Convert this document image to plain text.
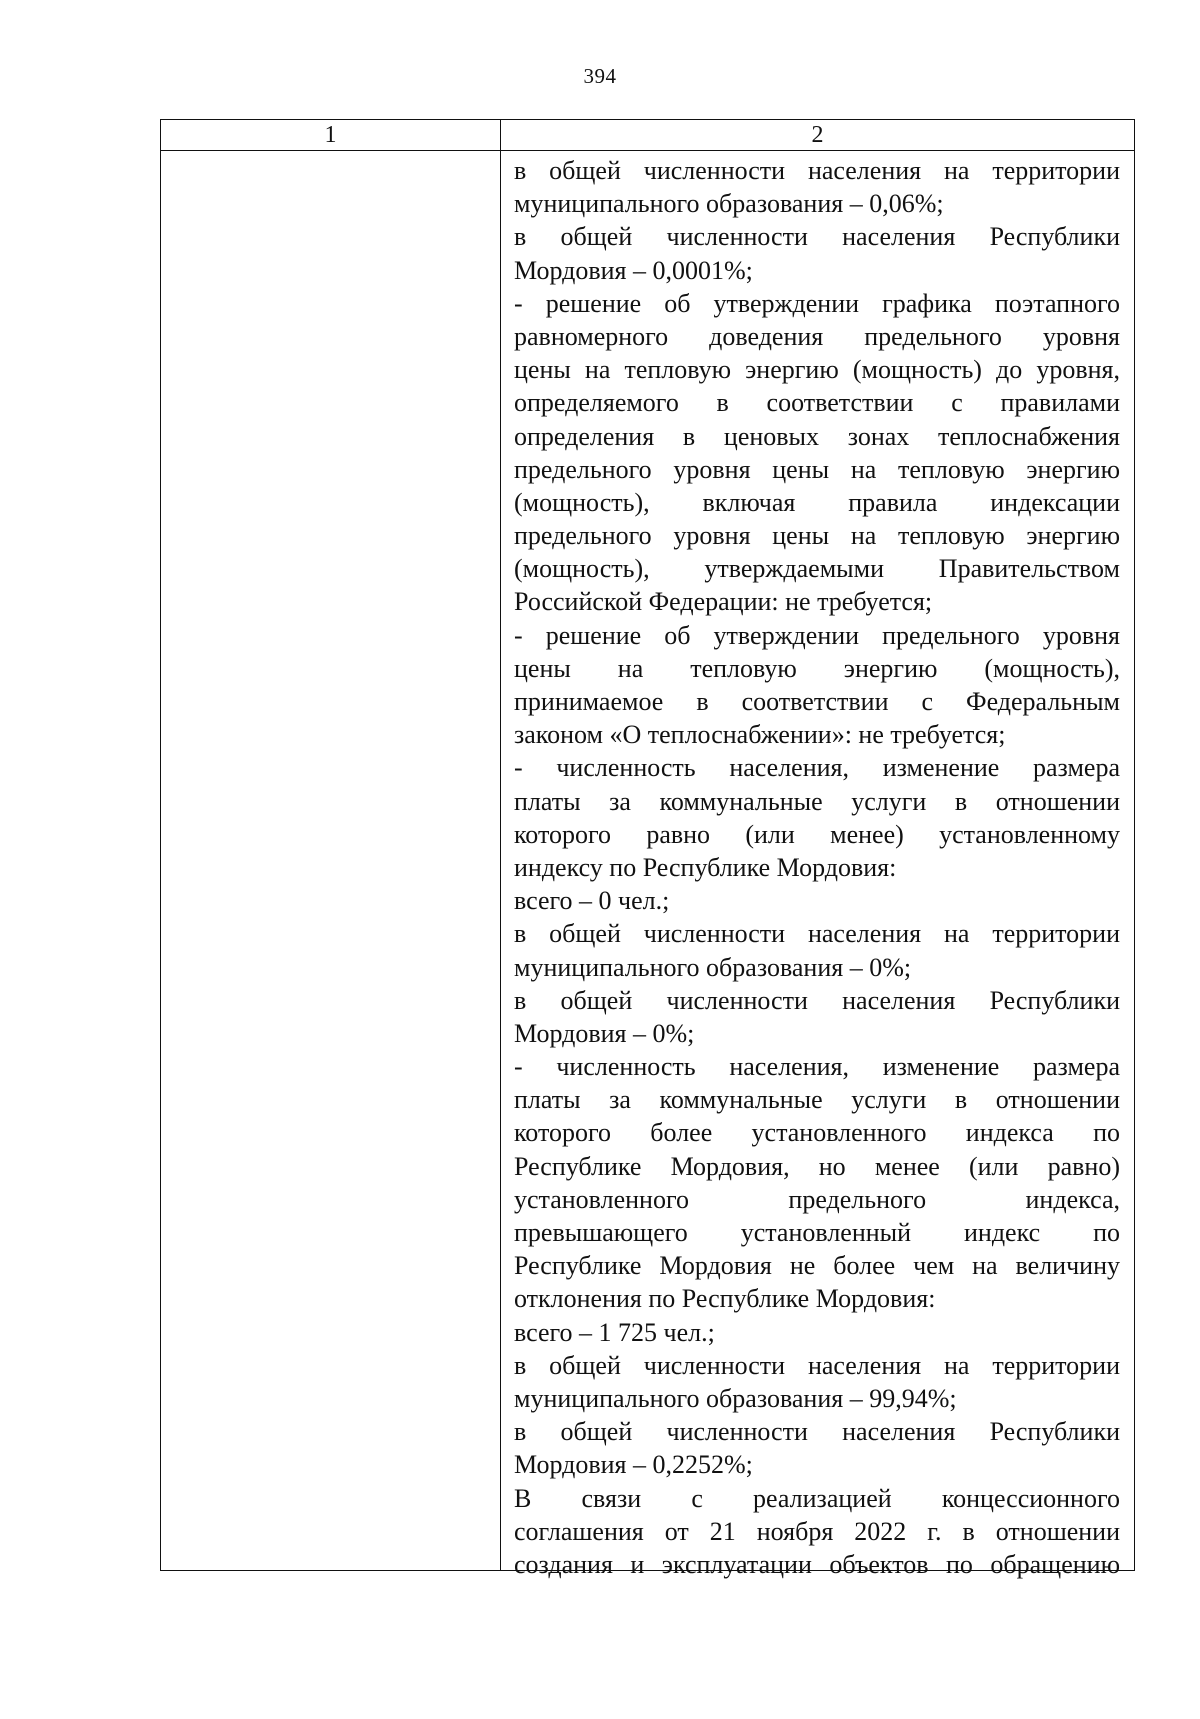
394
1	2
в общей численности населения на территории
муниципального образования – 0,06%;
в общей численности населения Республики
Мордовия – 0,0001%;
- решение об утверждении графика поэтапного
равномерного доведения предельного уровня
цены на тепловую энергию (мощность) до уровня,
определяемого в соответствии с правилами
определения в ценовых зонах теплоснабжения
предельного уровня цены на тепловую энергию
(мощность), включая правила индексации
предельного уровня цены на тепловую энергию
(мощность), утверждаемыми Правительством
Российской Федерации: не требуется;
- решение об утверждении предельного уровня
цены на тепловую энергию (мощность),
принимаемое в соответствии с Федеральным
законом «О теплоснабжении»: не требуется;
- численность населения, изменение размера
платы за коммунальные услуги в отношении
которого равно (или менее) установленному
индексу по Республике Мордовия:
всего – 0 чел.;
в общей численности населения на территории
муниципального образования – 0%;
в общей численности населения Республики
Мордовия – 0%;
- численность населения, изменение размера
платы за коммунальные услуги в отношении
которого более установленного индекса по
Республике Мордовия, но менее (или равно)
установленного предельного индекса,
превышающего установленный индекс по
Республике Мордовия не более чем на величину
отклонения по Республике Мордовия:
всего – 1 725 чел.;
в общей численности населения на территории
муниципального образования – 99,94%;
в общей численности населения Республики
Мордовия – 0,2252%;
В связи с реализацией концессионного
соглашения от 21 ноября 2022 г. в отношении
создания и эксплуатации объектов по обращению
